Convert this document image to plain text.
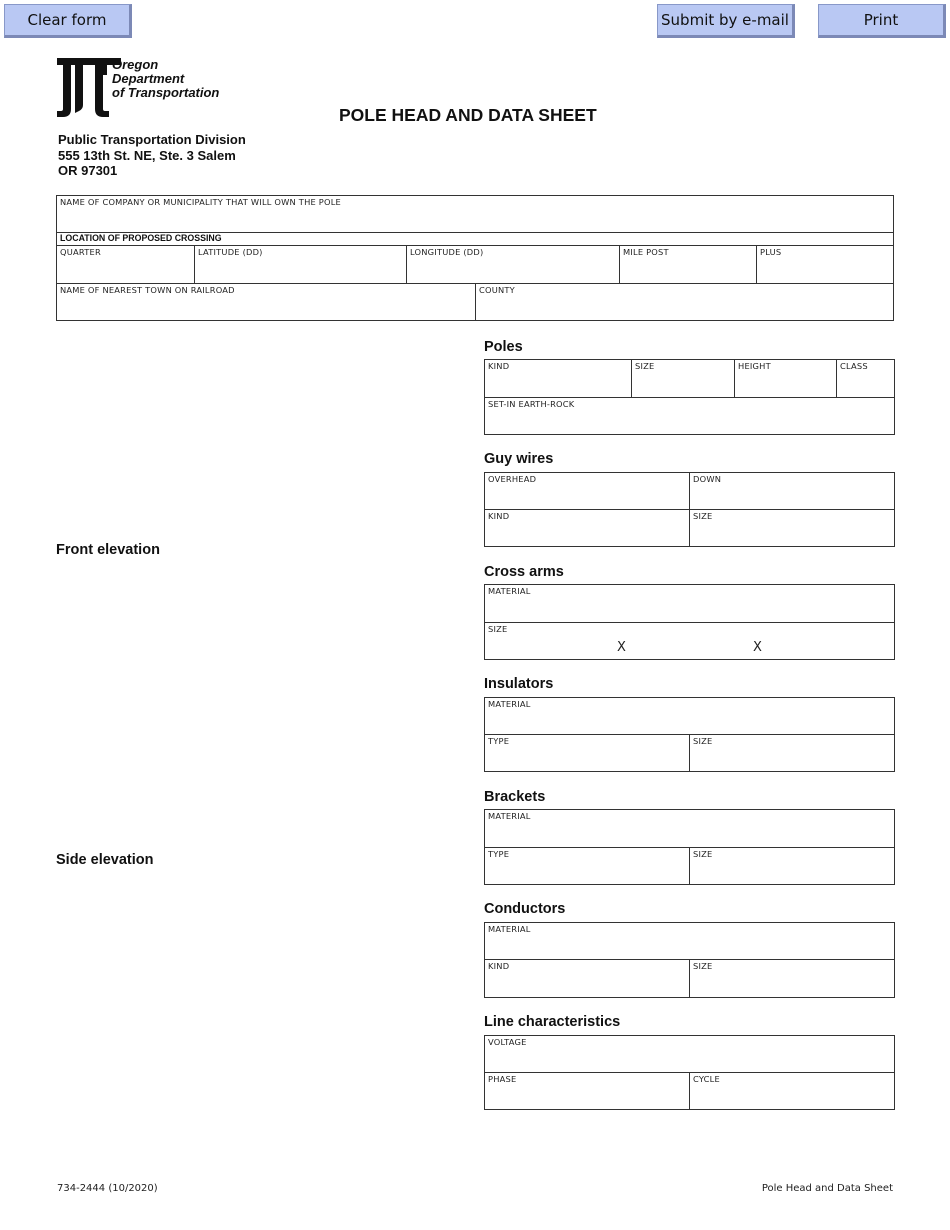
Clear form	Submit by e-mail	Print
Oregon
Department
of Transportation
POLE HEAD AND DATA SHEET
Public Transportation Division
555 13th St. NE, Ste. 3 Salem
OR 97301
NAME OF COMPANY OR MUNICIPALITY THAT WILL OWN THE POLE
LOCATION OF PROPOSED CROSSING
QUARTER	LATITUDE (DD)	LONGITUDE (DD)	MILE POST	PLUS
NAME OF NEAREST TOWN ON RAILROAD	COUNTY
Front elevation
Side elevation
Poles
KIND	SIZE	HEIGHT	CLASS
SET-IN EARTH-ROCK
Guy wires
OVERHEAD	DOWN
KIND	SIZE
Cross arms
MATERIAL
SIZE
X	X
Insulators
MATERIAL
TYPE	SIZE
Brackets
MATERIAL
TYPE	SIZE
Conductors
MATERIAL
KIND	SIZE
Line characteristics
VOLTAGE
PHASE	CYCLE
734-2444 (10/2020)	Pole Head and Data Sheet
